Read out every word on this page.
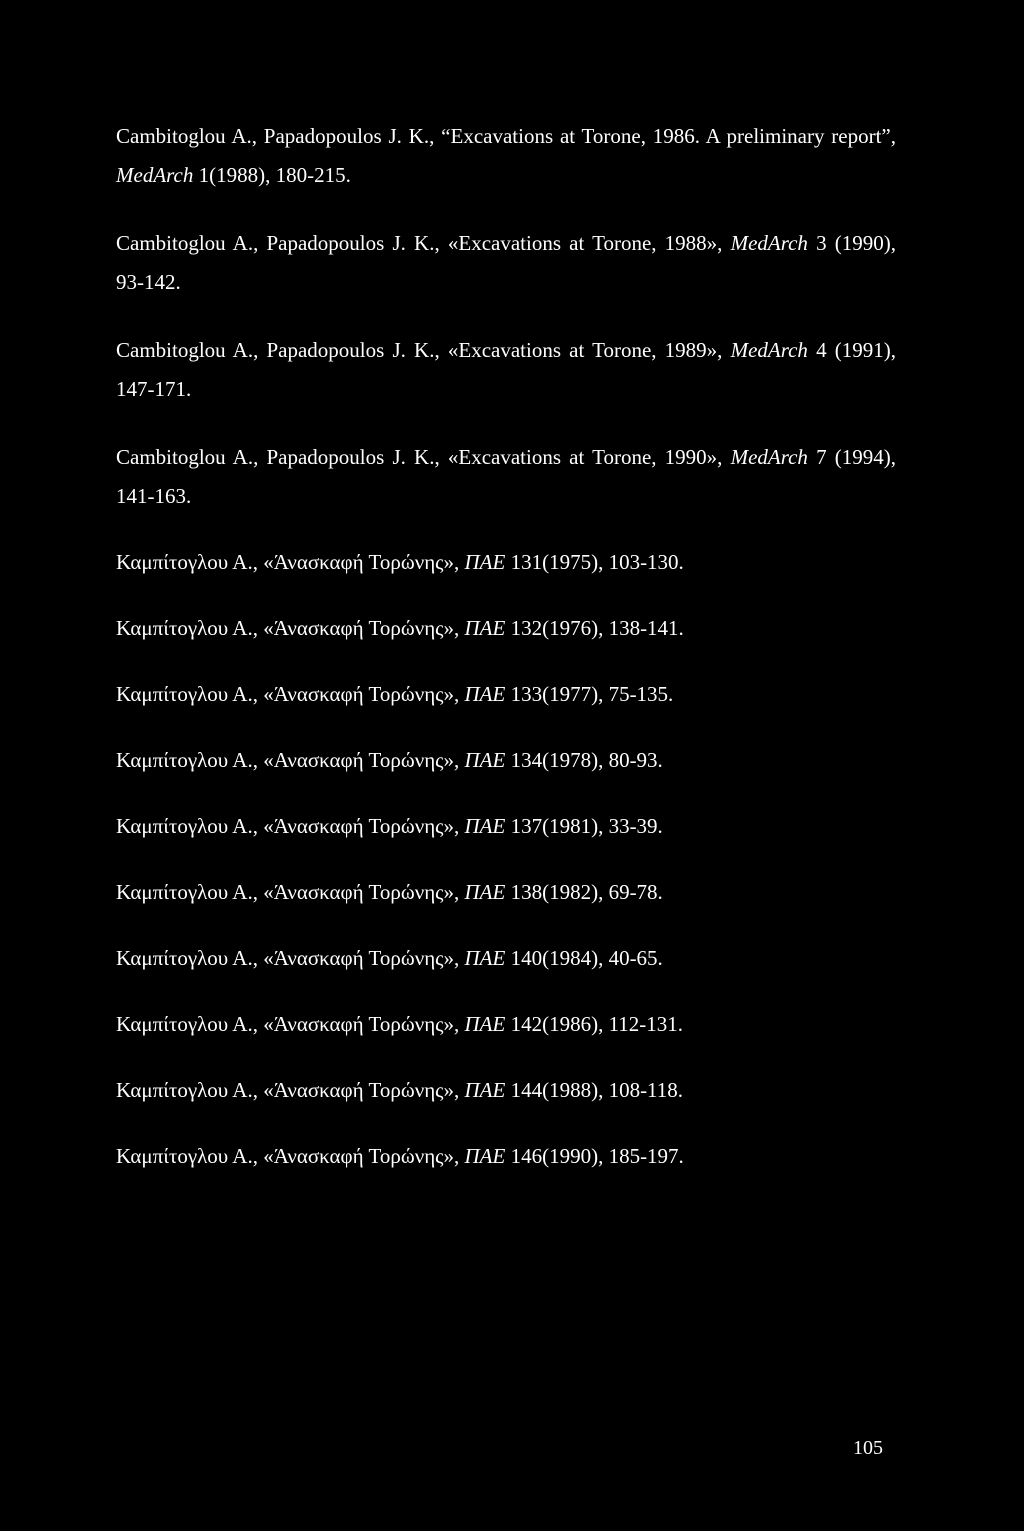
Cambitoglou A., Papadopoulos J. K., “Excavations at Torone, 1986. A preliminary report”, MedArch 1(1988), 180-215.

Cambitoglou A., Papadopoulos J. K., «Excavations at Torone, 1988», MedArch 3 (1990), 93-142.

Cambitoglou A., Papadopoulos J. K., «Excavations at Torone, 1989», MedArch 4 (1991), 147-171.

Cambitoglou A., Papadopoulos J. K., «Excavations at Torone, 1990», MedArch 7 (1994), 141-163.

Καμπίτογλου Α., «Άνασκαφή Τορώνης», ΠΑΕ 131(1975), 103-130.

Καμπίτογλου Α., «Άνασκαφή Τορώνης», ΠΑΕ 132(1976), 138-141.

Καμπίτογλου Α., «Άνασκαφή Τορώνης», ΠΑΕ 133(1977), 75-135.

Καμπίτογλου Α., «Ανασκαφή Τορώνης», ΠΑΕ 134(1978), 80-93.

Καμπίτογλου Α., «Άνασκαφή Τορώνης», ΠΑΕ 137(1981), 33-39.

Καμπίτογλου Α., «Άνασκαφή Τορώνης», ΠΑΕ 138(1982), 69-78.

Καμπίτογλου Α., «Άνασκαφή Τορώνης», ΠΑΕ 140(1984), 40-65.

Καμπίτογλου Α., «Άνασκαφή Τορώνης», ΠΑΕ 142(1986), 112-131.

Καμπίτογλου Α., «Άνασκαφή Τορώνης», ΠΑΕ 144(1988), 108-118.

Καμπίτογλου Α., «Άνασκαφή Τορώνης», ΠΑΕ 146(1990), 185-197.

105
